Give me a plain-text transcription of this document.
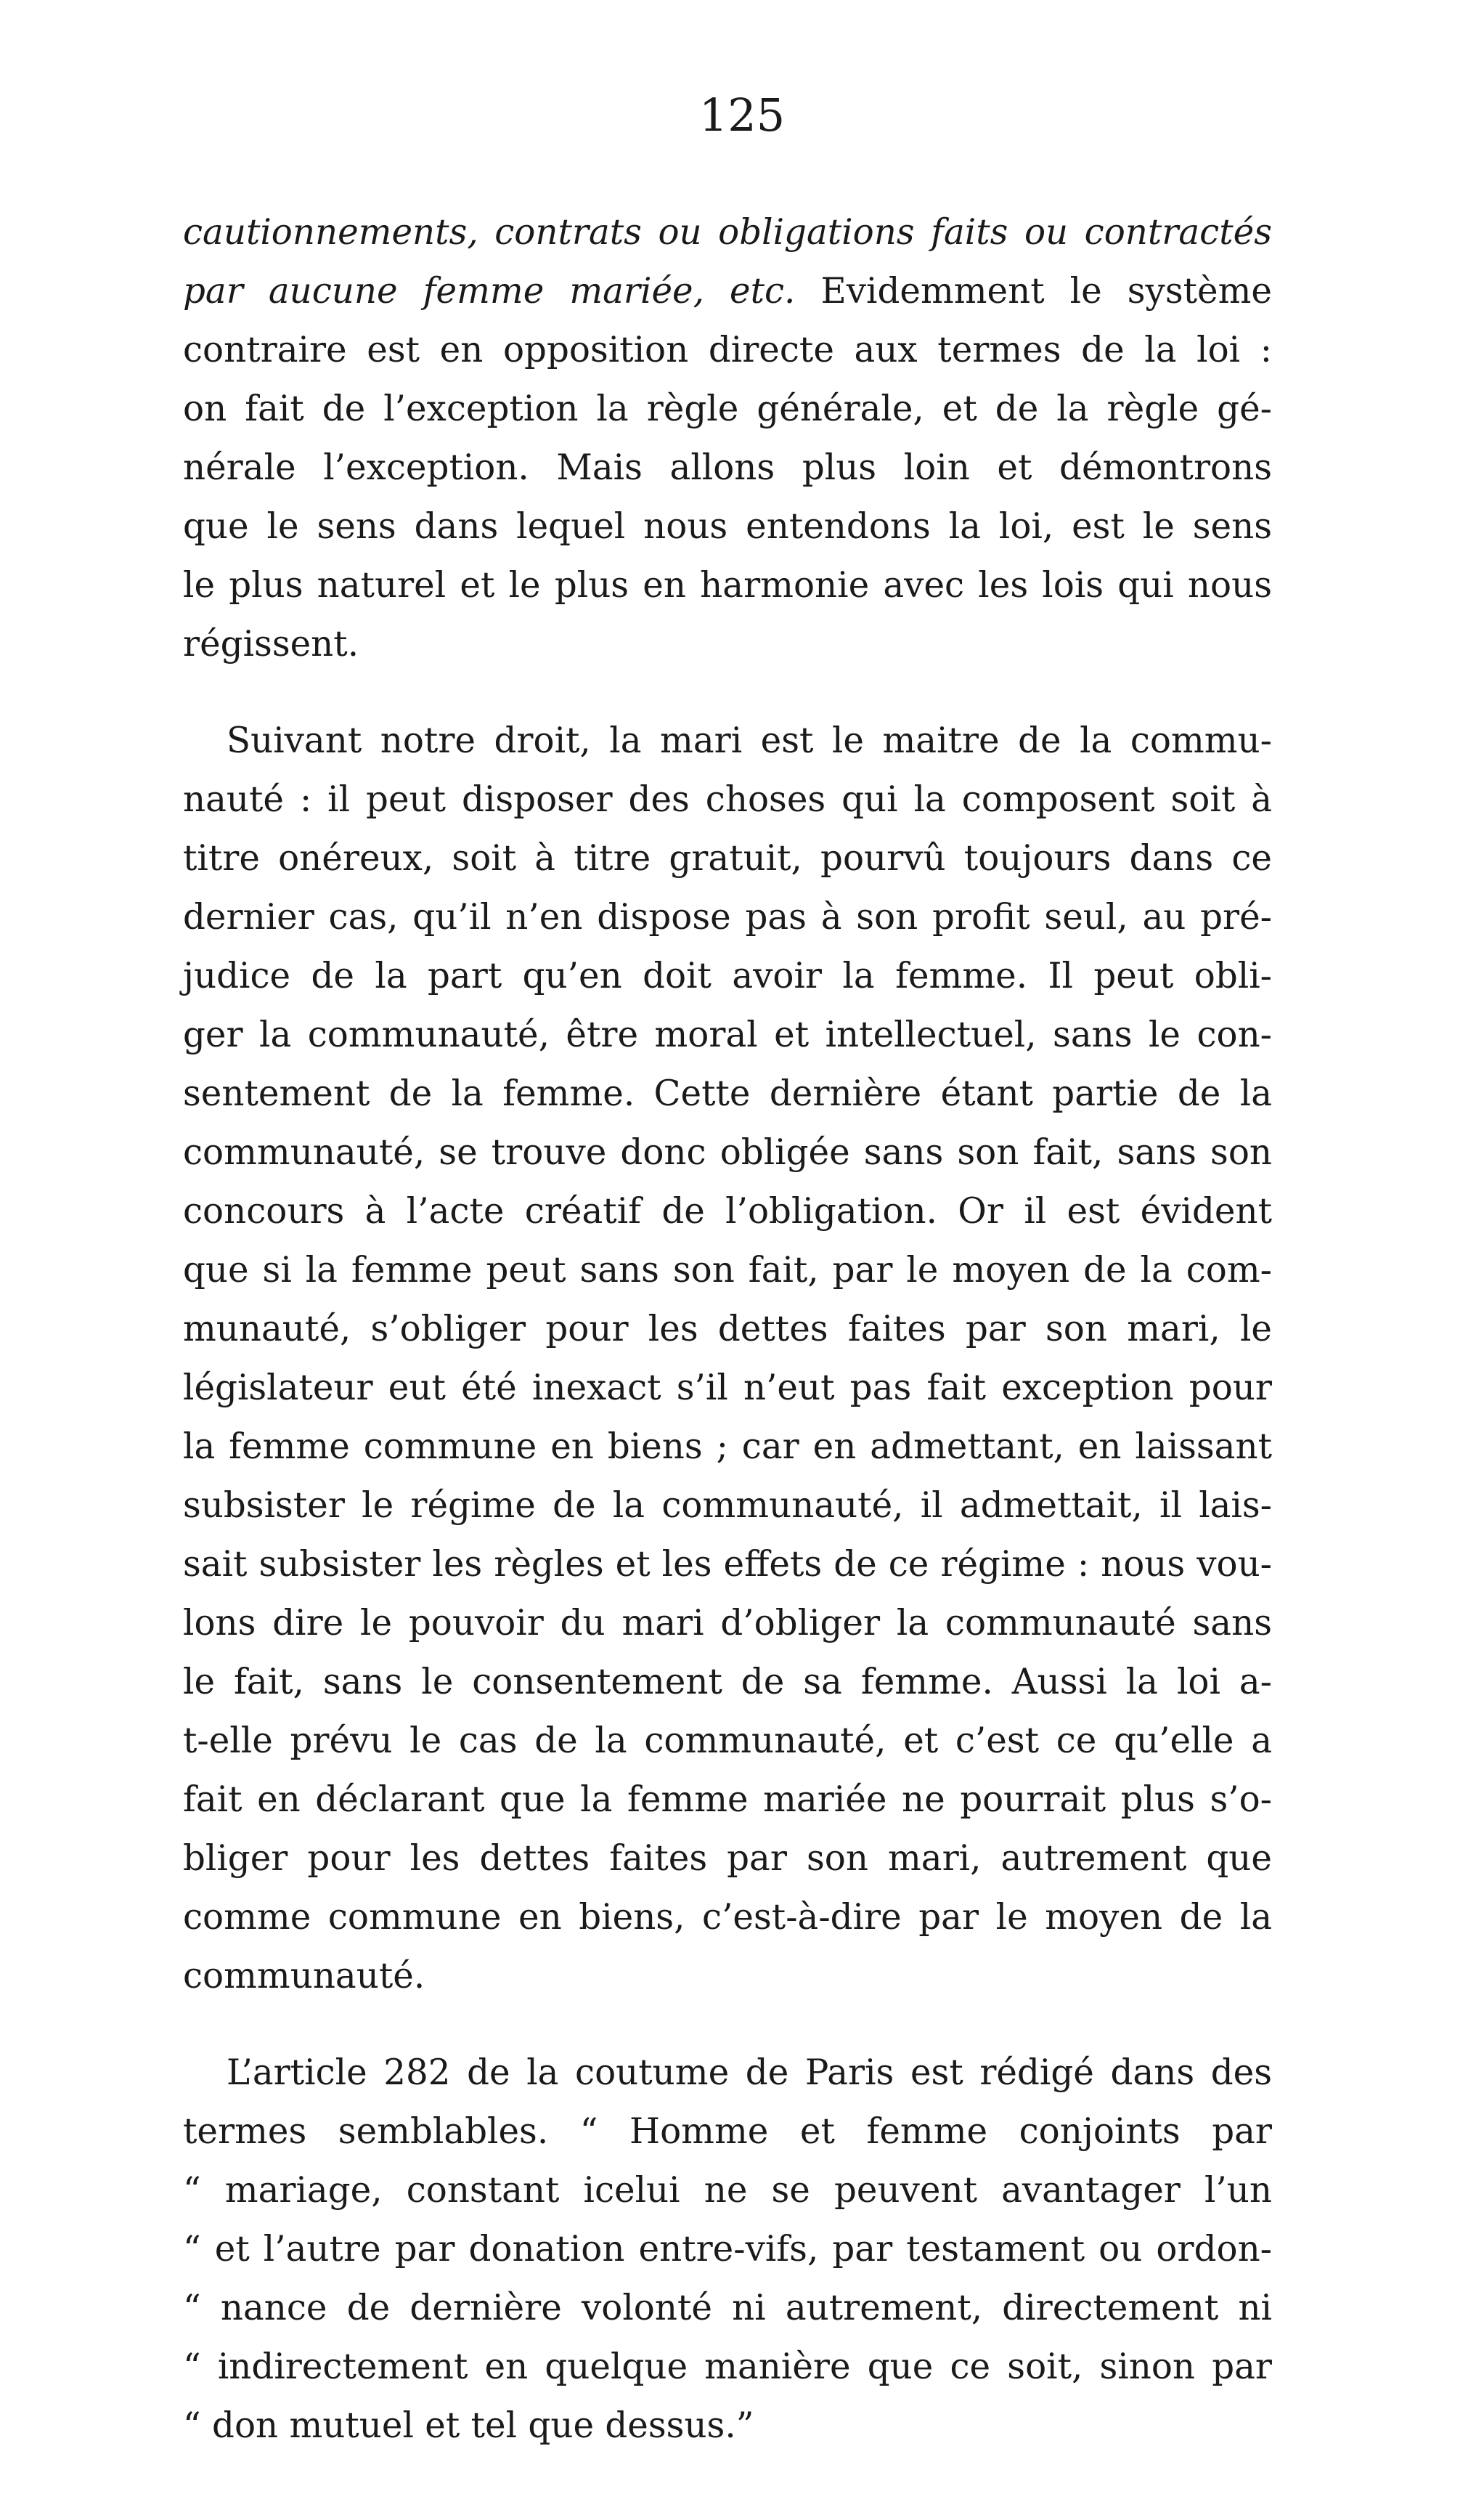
125
cautionnements, contrats ou obligations faits ou contractés
par aucune femme mariée, etc. Evidemment le système
contraire est en opposition directe aux termes de la loi :
on fait de l’exception la règle générale, et de la règle gé-
nérale l’exception. Mais allons plus loin et démontrons
que le sens dans lequel nous entendons la loi, est le sens
le plus naturel et le plus en harmonie avec les lois qui nous
régissent.
Suivant notre droit, la mari est le maitre de la commu-
nauté : il peut disposer des choses qui la composent soit à
titre onéreux, soit à titre gratuit, pourvû toujours dans ce
dernier cas, qu’il n’en dispose pas à son profit seul, au pré-
judice de la part qu’en doit avoir la femme. Il peut obli-
ger la communauté, être moral et intellectuel, sans le con-
sentement de la femme. Cette dernière étant partie de la
communauté, se trouve donc obligée sans son fait, sans son
concours à l’acte créatif de l’obligation. Or il est évident
que si la femme peut sans son fait, par le moyen de la com-
munauté, s’obliger pour les dettes faites par son mari, le
législateur eut été inexact s’il n’eut pas fait exception pour
la femme commune en biens ; car en admettant, en laissant
subsister le régime de la communauté, il admettait, il lais-
sait subsister les règles et les effets de ce régime : nous vou-
lons dire le pouvoir du mari d’obliger la communauté sans
le fait, sans le consentement de sa femme. Aussi la loi a-
t-elle prévu le cas de la communauté, et c’est ce qu’elle a
fait en déclarant que la femme mariée ne pourrait plus s’o-
bliger pour les dettes faites par son mari, autrement que
comme commune en biens, c’est-à-dire par le moyen de la
communauté.
L’article 282 de la coutume de Paris est rédigé dans des
termes semblables. “ Homme et femme conjoints par
“ mariage, constant icelui ne se peuvent avantager l’un
“ et l’autre par donation entre-vifs, par testament ou ordon-
“ nance de dernière volonté ni autrement, directement ni
“ indirectement en quelque manière que ce soit, sinon par
“ don mutuel et tel que dessus.”
